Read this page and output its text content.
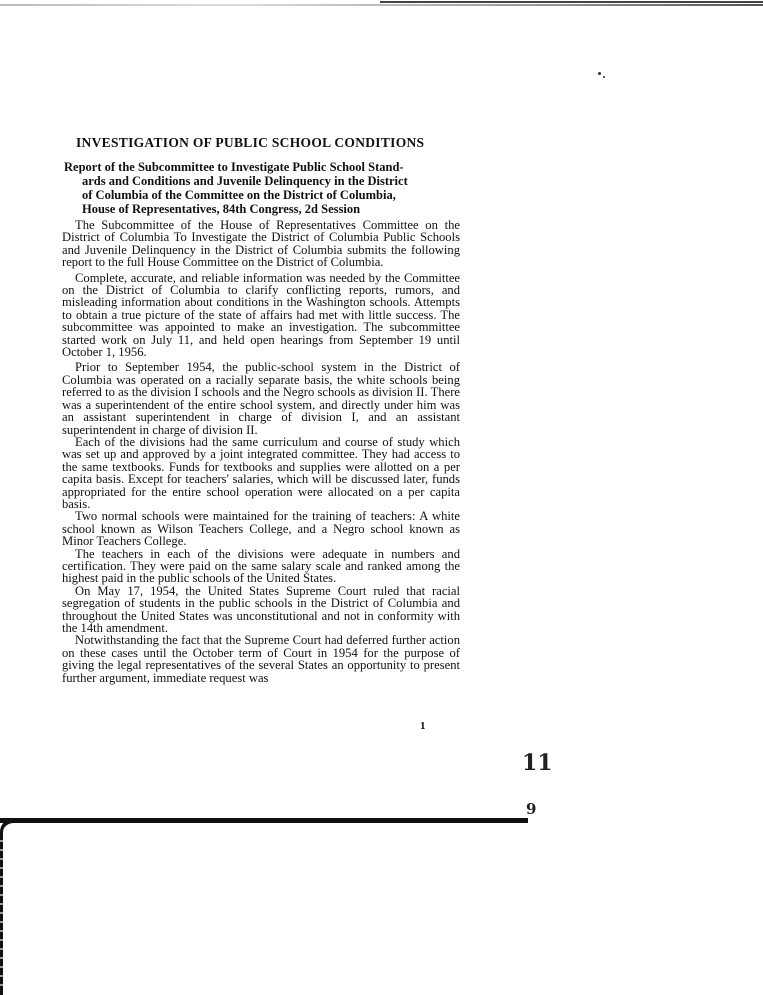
INVESTIGATION OF PUBLIC SCHOOL CONDITIONS
Report of the Subcommittee to Investigate Public School Stand-
ards and Conditions and Juvenile Delinquency in the District
of Columbia of the Committee on the District of Columbia,
House of Representatives, 84th Congress, 2d Session

The Subcommittee of the House of Representatives Committee on the District of Columbia To Investigate the District of Columbia Public Schools and Juvenile Delinquency in the District of Columbia submits the following report to the full House Committee on the District of Columbia.

Complete, accurate, and reliable information was needed by the Committee on the District of Columbia to clarify conflicting reports, rumors, and misleading information about conditions in the Washington schools. Attempts to obtain a true picture of the state of affairs had met with little success. The subcommittee was appointed to make an investigation. The subcommittee started work on July 11, and held open hearings from September 19 until October 1, 1956.

Prior to September 1954, the public-school system in the District of Columbia was operated on a racially separate basis, the white schools being referred to as the division I schools and the Negro schools as division II. There was a superintendent of the entire school system, and directly under him was an assistant superintendent in charge of division I, and an assistant superintendent in charge of division II.

Each of the divisions had the same curriculum and course of study which was set up and approved by a joint integrated committee. They had access to the same textbooks. Funds for textbooks and supplies were allotted on a per capita basis. Except for teachers' salaries, which will be discussed later, funds appropriated for the entire school operation were allocated on a per capita basis.

Two normal schools were maintained for the training of teachers: A white school known as Wilson Teachers College, and a Negro school known as Minor Teachers College.

The teachers in each of the divisions were adequate in numbers and certification. They were paid on the same salary scale and ranked among the highest paid in the public schools of the United States.

On May 17, 1954, the United States Supreme Court ruled that racial segregation of students in the public schools in the District of Columbia and throughout the United States was unconstitutional and not in conformity with the 14th amendment.

Notwithstanding the fact that the Supreme Court had deferred further action on these cases until the October term of Court in 1954 for the purpose of giving the legal representatives of the several States an opportunity to present further argument, immediate request was

1
11
9
